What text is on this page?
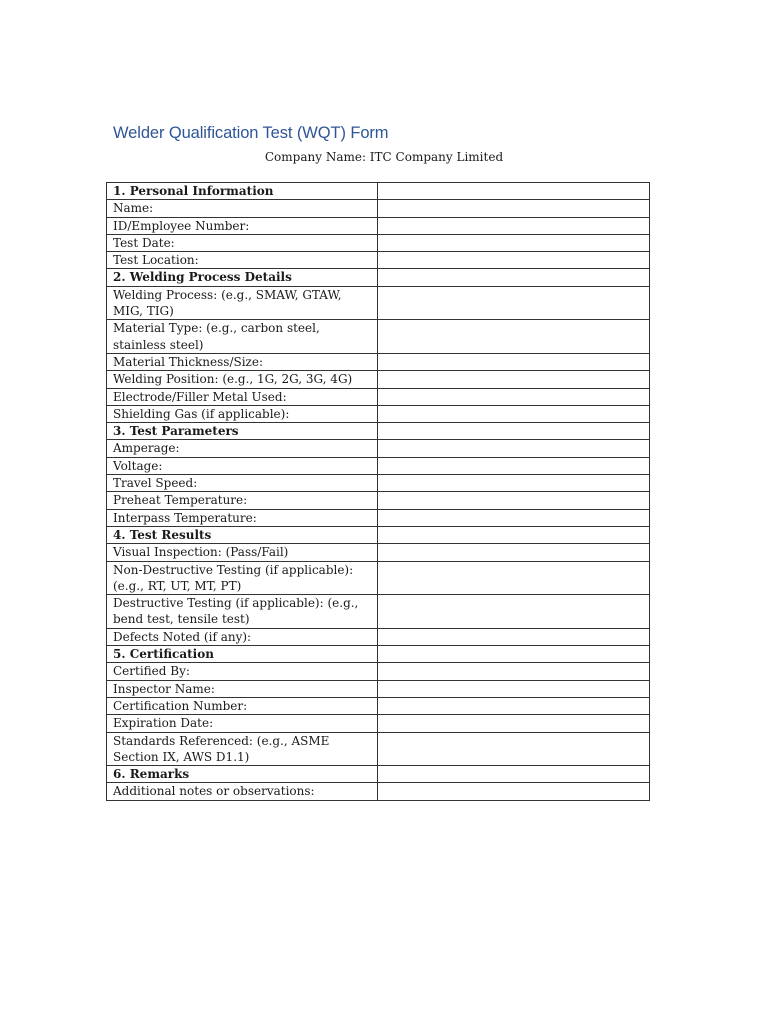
Welder Qualification Test (WQT) Form
Company Name: ITC Company Limited
1. Personal Information	
Name:	
ID/Employee Number:	
Test Date:	
Test Location:	
2. Welding Process Details	
Welding Process: (e.g., SMAW, GTAW, MIG, TIG)	
Material Type: (e.g., carbon steel, stainless steel)	
Material Thickness/Size:	
Welding Position: (e.g., 1G, 2G, 3G, 4G)	
Electrode/Filler Metal Used:	
Shielding Gas (if applicable):	
3. Test Parameters	
Amperage:	
Voltage:	
Travel Speed:	
Preheat Temperature:	
Interpass Temperature:	
4. Test Results	
Visual Inspection: (Pass/Fail)	
Non-Destructive Testing (if applicable): (e.g., RT, UT, MT, PT)	
Destructive Testing (if applicable): (e.g., bend test, tensile test)	
Defects Noted (if any):	
5. Certification	
Certified By:	
Inspector Name:	
Certification Number:	
Expiration Date:	
Standards Referenced: (e.g., ASME Section IX, AWS D1.1)	
6. Remarks	
Additional notes or observations:	
